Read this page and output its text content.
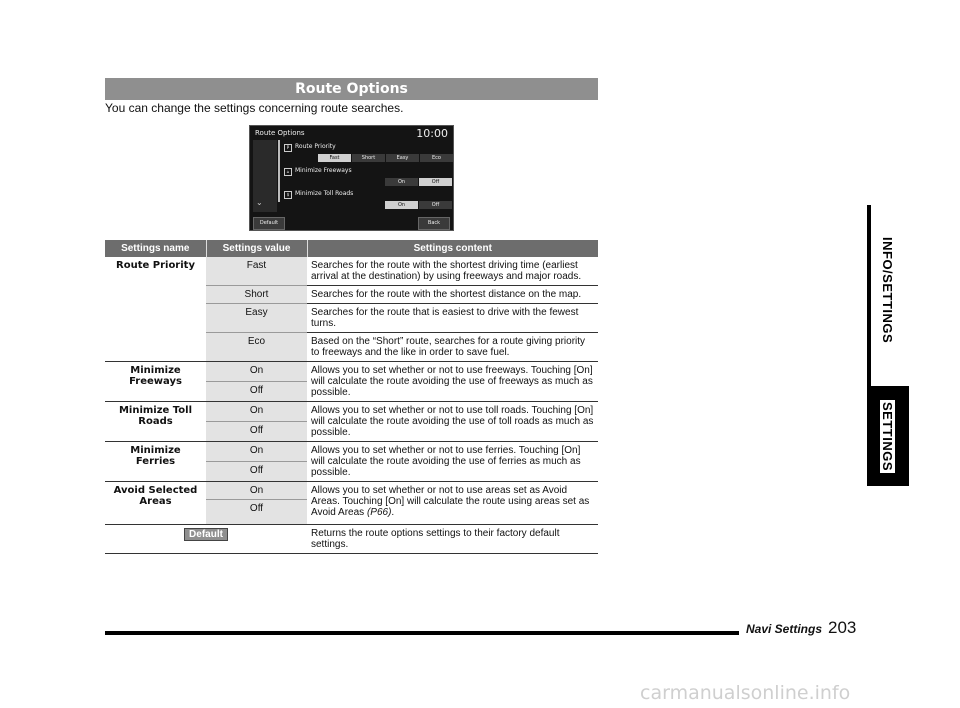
Route Options
You can change the settings concerning route searches.
Route Options	10:00
P Route Priority
Fast	Short	Easy	Eco
⌂ Minimize Freeways
On	Off
$ Minimize Toll Roads
On	Off
⌄
Default	Back
Settings name	Settings value	Settings content
Route Priority	Fast	Searches for the route with the shortest driving time (earliest arrival at the destination) by using freeways and major roads.
	Short	Searches for the route with the shortest distance on the map.
	Easy	Searches for the route that is easiest to drive with the fewest turns.
	Eco	Based on the “Short” route, searches for a route giving priority to freeways and the like in order to save fuel.
Minimize Freeways	On	Allows you to set whether or not to use freeways. Touching [On] will calculate the route avoiding the use of freeways as much as possible.
	Off	
Minimize Toll Roads	On	Allows you to set whether or not to use toll roads. Touching [On] will calculate the route avoiding the use of toll roads as much as possible.
	Off	
Minimize Ferries	On	Allows you to set whether or not to use ferries. Touching [On] will calculate the route avoiding the use of ferries as much as possible.
	Off	
Avoid Selected Areas	On	Allows you to set whether or not to use areas set as Avoid Areas. Touching [On] will calculate the route using areas set as Avoid Areas (P66).
	Off	
Default		Returns the route options settings to their factory default settings.
INFO/SETTINGS
SETTINGS
Navi Settings 203
carmanualsonline.info
